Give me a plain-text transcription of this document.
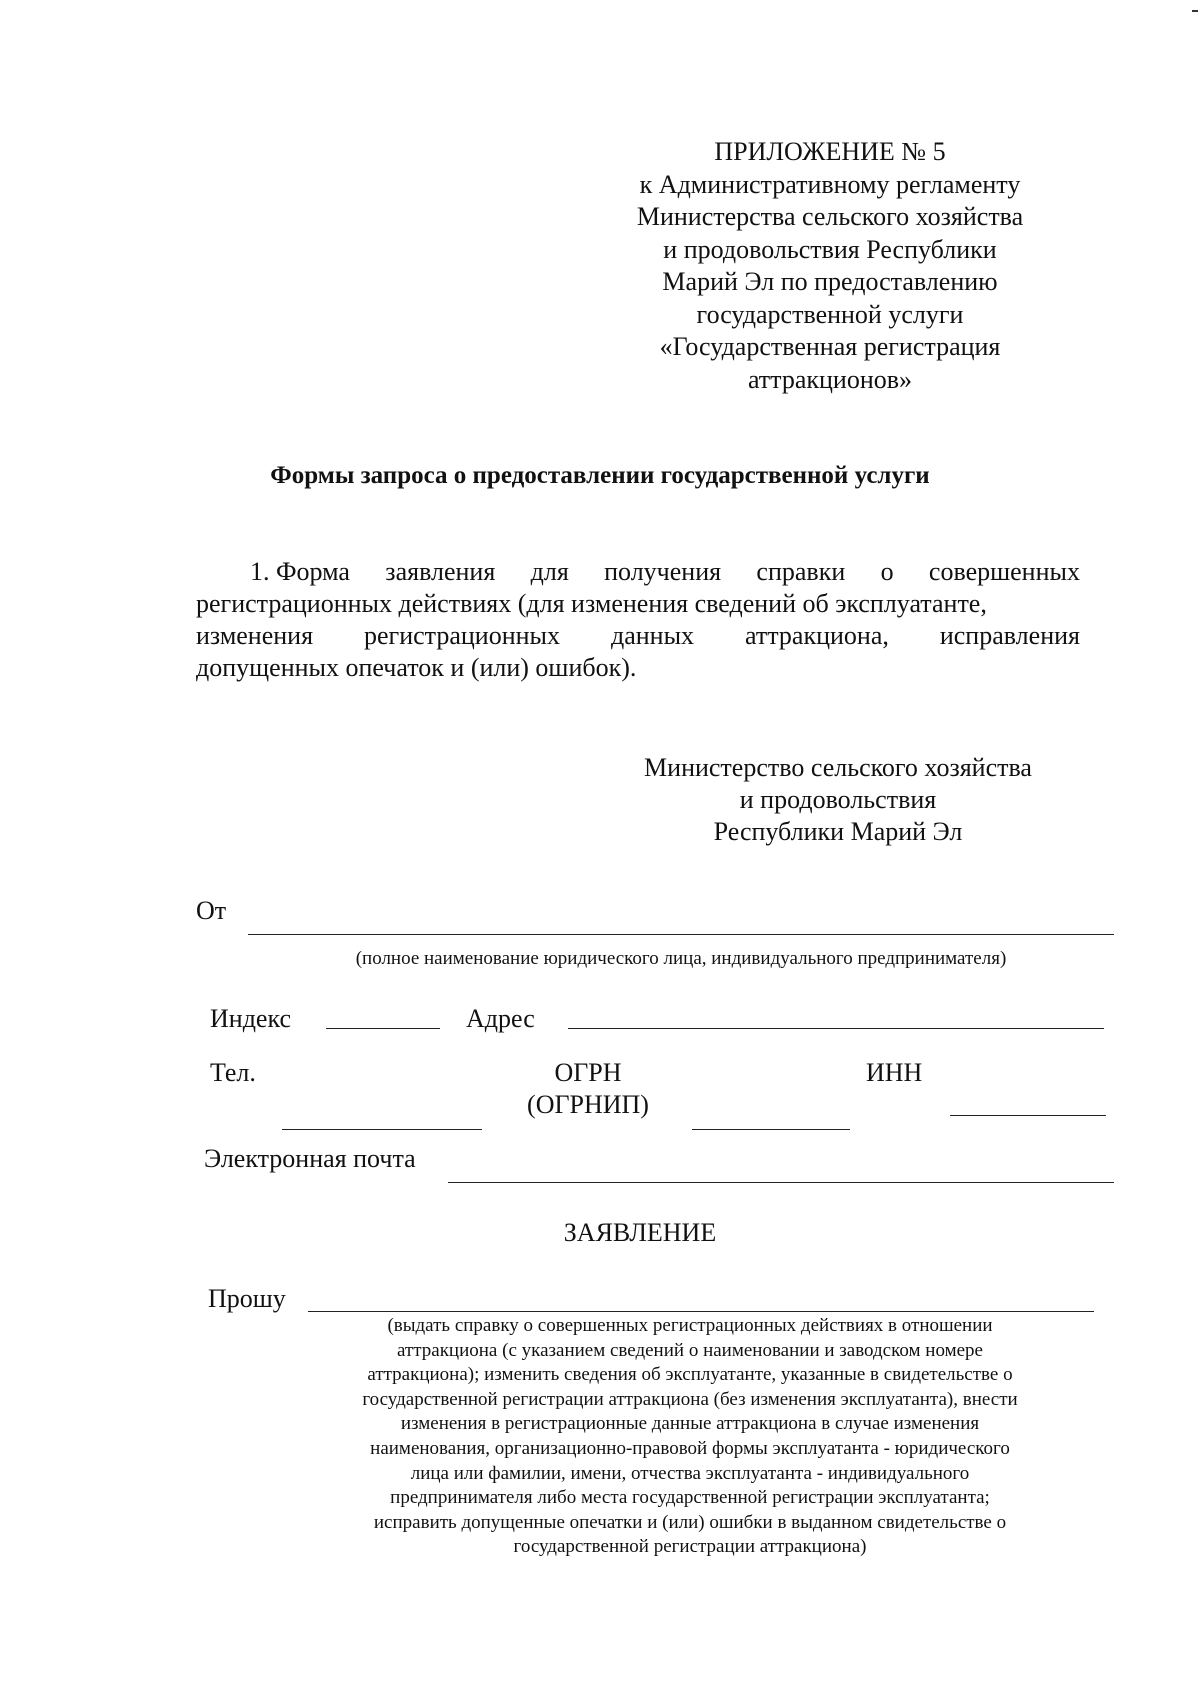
ПРИЛОЖЕНИЕ № 5
к Административному регламенту
Министерства сельского хозяйства
и продовольствия Республики
Марий Эл по предоставлению
государственной услуги
«Государственная регистрация
аттракционов»
Формы запроса о предоставлении государственной услуги
1. Форма заявления для получения справки о совершенных
регистрационных действиях (для изменения сведений об эксплуатанте,
изменения регистрационных данных аттракциона, исправления
допущенных опечаток и (или) ошибок).
Министерство сельского хозяйства
и продовольствия
Республики Марий Эл
От
(полное наименование юридического лица, индивидуального предпринимателя)
Индекс	Адрес
Тел.	ОГРН
(ОГРНИП)
ИНН
Электронная почта
ЗАЯВЛЕНИЕ
Прошу
(выдать справку о совершенных регистрационных действиях в отношении
аттракциона (с указанием сведений о наименовании и заводском номере
аттракциона); изменить сведения об эксплуатанте, указанные в свидетельстве о
государственной регистрации аттракциона (без изменения эксплуатанта), внести
изменения в регистрационные данные аттракциона в случае изменения
наименования, организационно-правовой формы эксплуатанта - юридического
лица или фамилии, имени, отчества эксплуатанта - индивидуального
предпринимателя либо места государственной регистрации эксплуатанта;
исправить допущенные опечатки и (или) ошибки в выданном свидетельстве о
государственной регистрации аттракциона)
